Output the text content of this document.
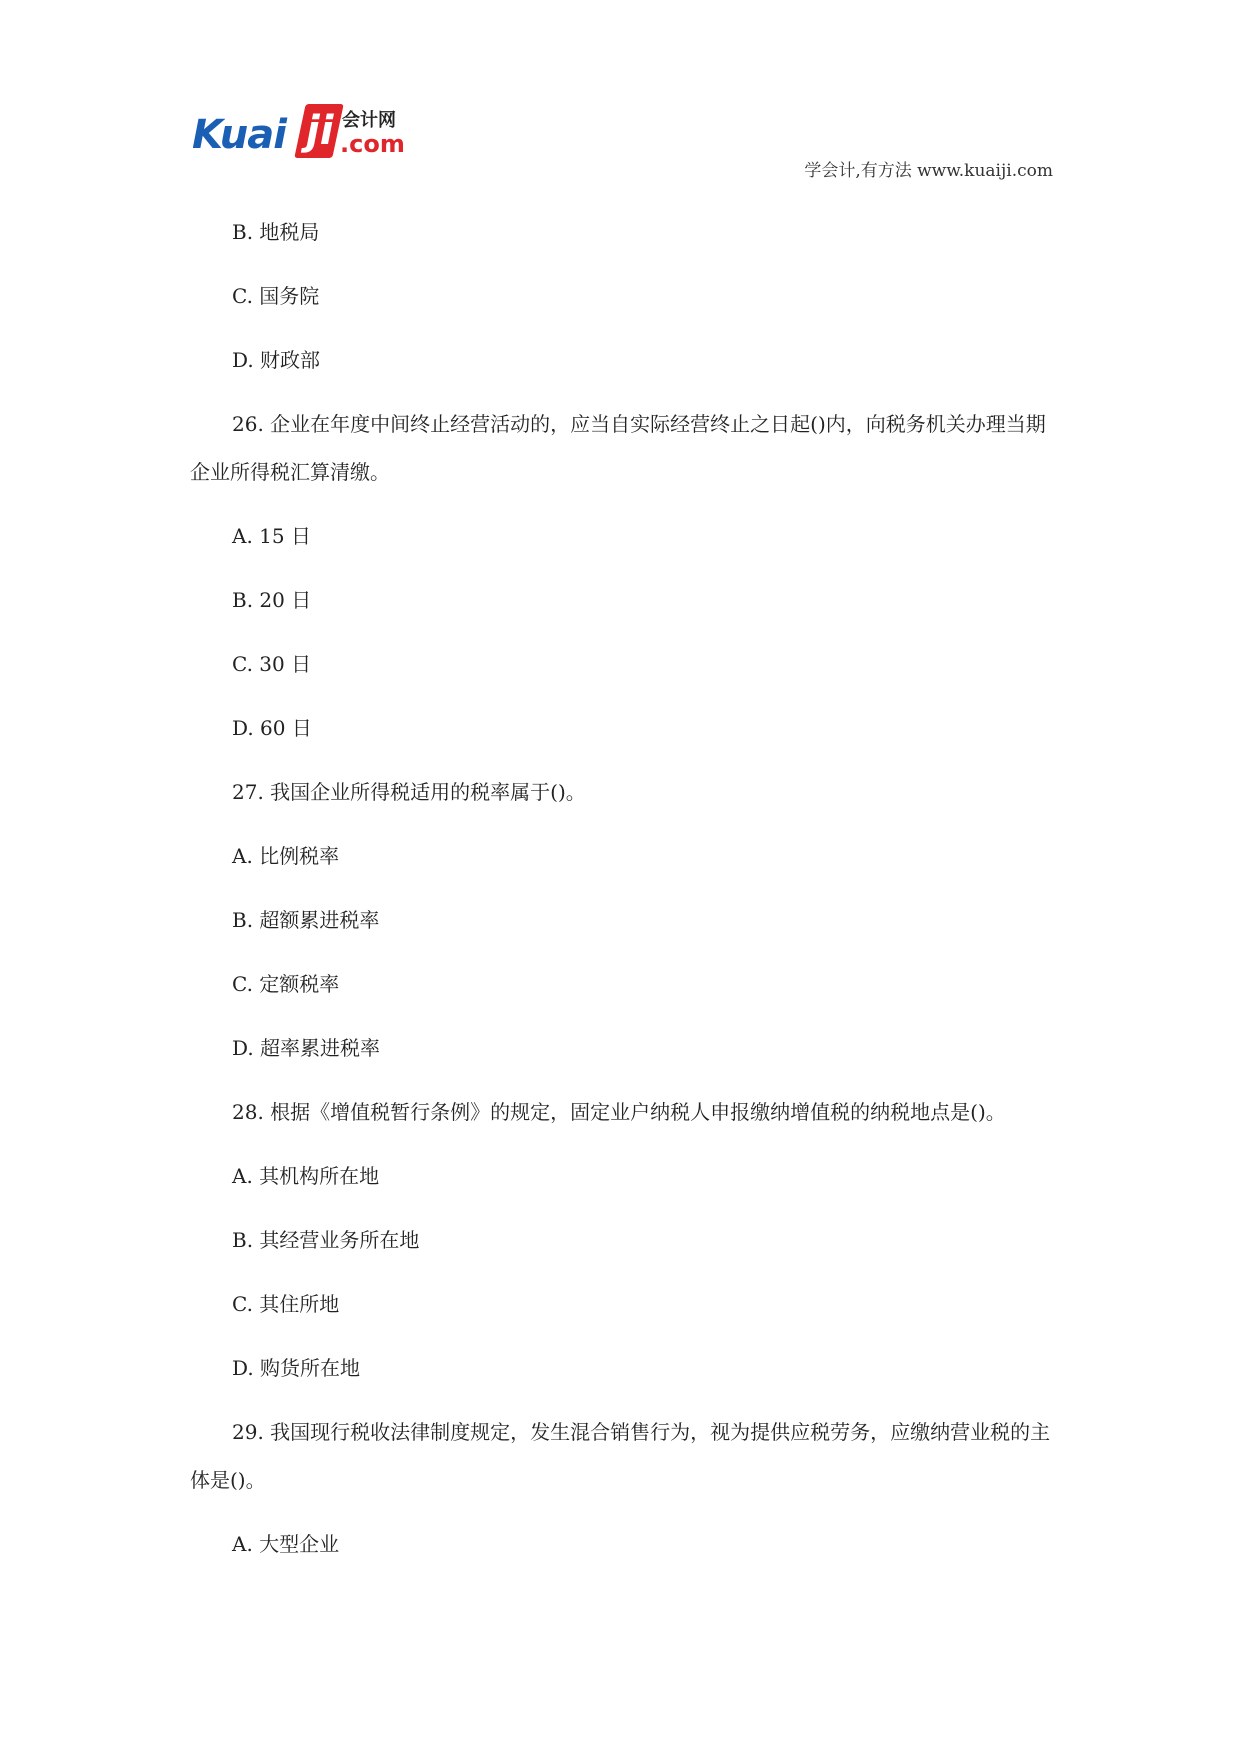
Kuai ji 会计网
.com
学会计,有方法 www.kuaiji.com

B. 地税局

C. 国务院

D. 财政部

26. 企业在年度中间终止经营活动的，应当自实际经营终止之日起()内，向税务机关办理当期企业所得税汇算清缴。

A. 15 日

B. 20 日

C. 30 日

D. 60 日

27. 我国企业所得税适用的税率属于()。

A. 比例税率

B. 超额累进税率

C. 定额税率

D. 超率累进税率

28. 根据《增值税暂行条例》的规定，固定业户纳税人申报缴纳增值税的纳税地点是()。

A. 其机构所在地

B. 其经营业务所在地

C. 其住所地

D. 购货所在地

29. 我国现行税收法律制度规定，发生混合销售行为，视为提供应税劳务，应缴纳营业税的主体是()。

A. 大型企业
